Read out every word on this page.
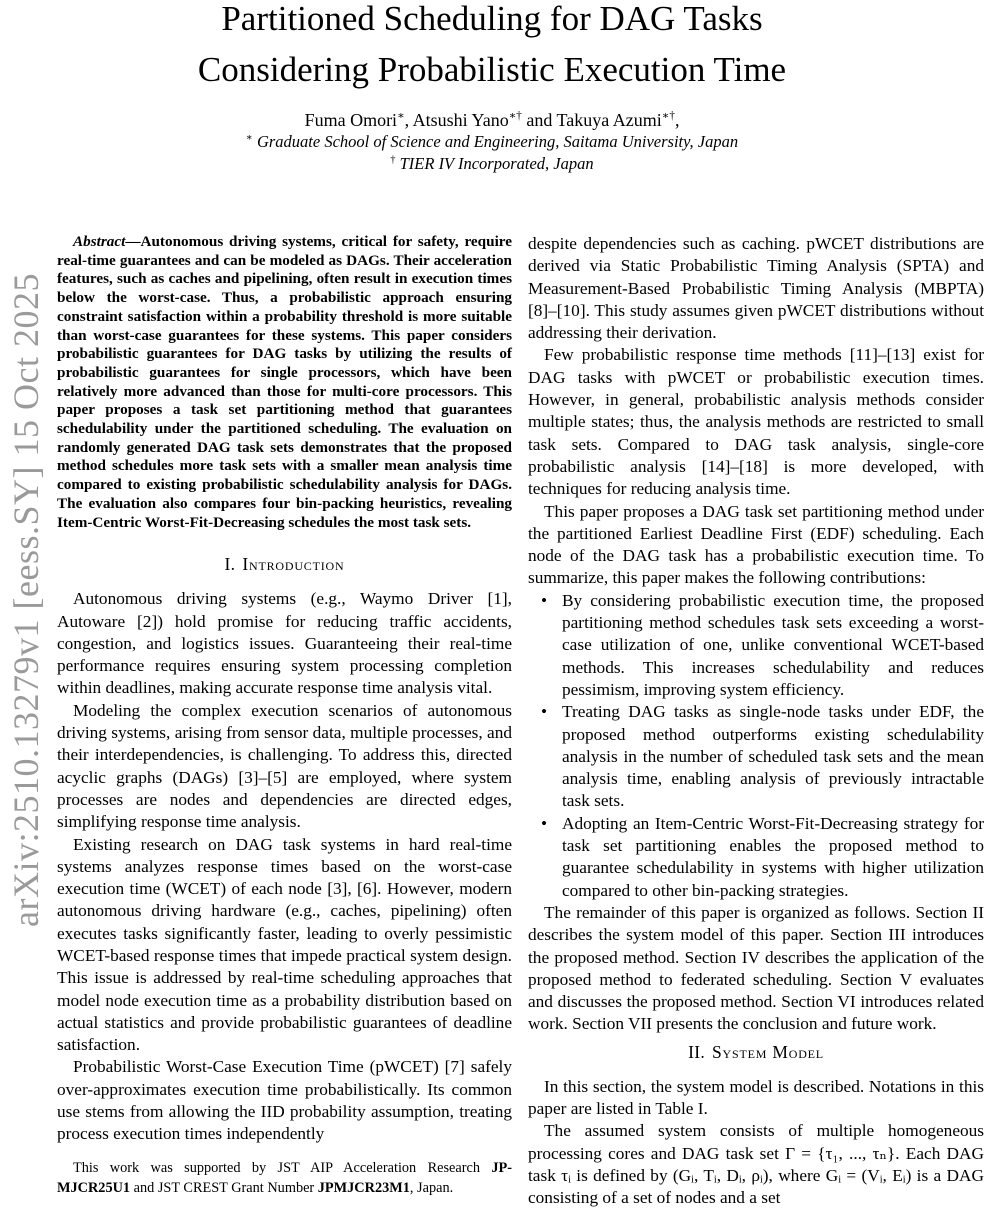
arXiv:2510.13279v1 [eess.SY] 15 Oct 2025
Partitioned Scheduling for DAG Tasks
Considering Probabilistic Execution Time
Fuma Omori∗, Atsushi Yano∗† and Takuya Azumi∗†,
∗ Graduate School of Science and Engineering, Saitama University, Japan
† TIER IV Incorporated, Japan

Abstract—Autonomous driving systems, critical for safety, require real-time guarantees and can be modeled as DAGs. Their acceleration features, such as caches and pipelining, often result in execution times below the worst-case. Thus, a probabilistic approach ensuring constraint satisfaction within a probability threshold is more suitable than worst-case guarantees for these systems. This paper considers probabilistic guarantees for DAG tasks by utilizing the results of probabilistic guarantees for single processors, which have been relatively more advanced than those for multi-core processors. This paper proposes a task set partitioning method that guarantees schedulability under the partitioned scheduling. The evaluation on randomly generated DAG task sets demonstrates that the proposed method schedules more task sets with a smaller mean analysis time compared to existing probabilistic schedulability analysis for DAGs. The evaluation also compares four bin-packing heuristics, revealing Item-Centric Worst-Fit-Decreasing schedules the most task sets.

I. Introduction

Autonomous driving systems (e.g., Waymo Driver [1], Autoware [2]) hold promise for reducing traffic accidents, congestion, and logistics issues. Guaranteeing their real-time performance requires ensuring system processing completion within deadlines, making accurate response time analysis vital.

Modeling the complex execution scenarios of autonomous driving systems, arising from sensor data, multiple processes, and their interdependencies, is challenging. To address this, directed acyclic graphs (DAGs) [3]–[5] are employed, where system processes are nodes and dependencies are directed edges, simplifying response time analysis.

Existing research on DAG task systems in hard real-time systems analyzes response times based on the worst-case execution time (WCET) of each node [3], [6]. However, modern autonomous driving hardware (e.g., caches, pipelining) often executes tasks significantly faster, leading to overly pessimistic WCET-based response times that impede practical system design. This issue is addressed by real-time scheduling approaches that model node execution time as a probability distribution based on actual statistics and provide probabilistic guarantees of deadline satisfaction.

Probabilistic Worst-Case Execution Time (pWCET) [7] safely over-approximates execution time probabilistically. Its common use stems from allowing the IID probability assumption, treating process execution times independently

despite dependencies such as caching. pWCET distributions are derived via Static Probabilistic Timing Analysis (SPTA) and Measurement-Based Probabilistic Timing Analysis (MBPTA) [8]–[10]. This study assumes given pWCET distributions without addressing their derivation.

Few probabilistic response time methods [11]–[13] exist for DAG tasks with pWCET or probabilistic execution times. However, in general, probabilistic analysis methods consider multiple states; thus, the analysis methods are restricted to small task sets. Compared to DAG task analysis, single-core probabilistic analysis [14]–[18] is more developed, with techniques for reducing analysis time.

This paper proposes a DAG task set partitioning method under the partitioned Earliest Deadline First (EDF) scheduling. Each node of the DAG task has a probabilistic execution time. To summarize, this paper makes the following contributions:

• By considering probabilistic execution time, the proposed partitioning method schedules task sets exceeding a worst-case utilization of one, unlike conventional WCET-based methods. This increases schedulability and reduces pessimism, improving system efficiency.

• Treating DAG tasks as single-node tasks under EDF, the proposed method outperforms existing schedulability analysis in the number of scheduled task sets and the mean analysis time, enabling analysis of previously intractable task sets.

• Adopting an Item-Centric Worst-Fit-Decreasing strategy for task set partitioning enables the proposed method to guarantee schedulability in systems with higher utilization compared to other bin-packing strategies.

The remainder of this paper is organized as follows. Section II describes the system model of this paper. Section III introduces the proposed method. Section IV describes the application of the proposed method to federated scheduling. Section V evaluates and discusses the proposed method. Section VI introduces related work. Section VII presents the conclusion and future work.

II. System Model

In this section, the system model is described. Notations in this paper are listed in Table I.

The assumed system consists of multiple homogeneous processing cores and DAG task set Γ = {τ₁, ..., τₙ}. Each DAG task τᵢ is defined by (Gᵢ, Tᵢ, Dᵢ, ρᵢ), where Gᵢ = (Vᵢ, Eᵢ) is a DAG consisting of a set of nodes and a set

This work was supported by JST AIP Acceleration Research JP-MJCR25U1 and JST CREST Grant Number JPMJCR23M1, Japan.
